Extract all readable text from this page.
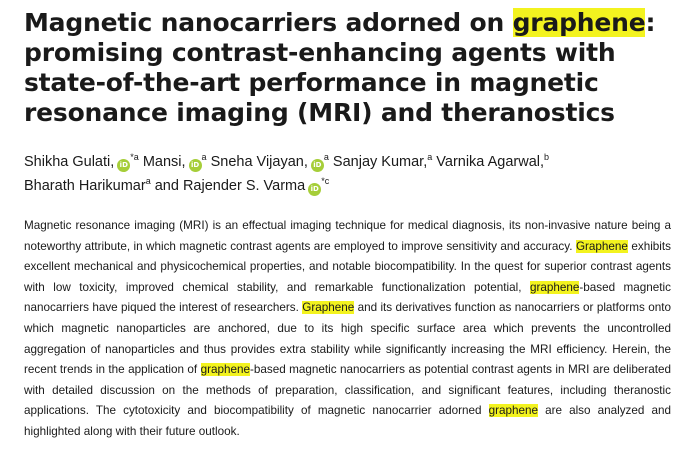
Magnetic nanocarriers adorned on graphene: promising contrast-enhancing agents with state-of-the-art performance in magnetic resonance imaging (MRI) and theranostics
Shikha Gulati, $iD^{*a}$ Mansi, $iD^a$ Sneha Vijayan, $iD^a$ Sanjay Kumar,$^a$ Varnika Agarwal,$^b$
Bharath Harikumar$^a$ and Rajender S. Varma $iD^{*c}$
Magnetic resonance imaging (MRI) is an effectual imaging technique for medical diagnosis, its non-invasive nature being a noteworthy attribute, in which magnetic contrast agents are employed to improve sensitivity and accuracy. Graphene exhibits excellent mechanical and physicochemical properties, and notable biocompatibility. In the quest for superior contrast agents with low toxicity, improved chemical stability, and remarkable functionalization potential, graphene-based magnetic nanocarriers have piqued the interest of researchers. Graphene and its derivatives function as nanocarriers or platforms onto which magnetic nanoparticles are anchored, due to its high specific surface area which prevents the uncontrolled aggregation of nanoparticles and thus provides extra stability while significantly increasing the MRI efficiency. Herein, the recent trends in the application of graphene-based magnetic nanocarriers as potential contrast agents in MRI are deliberated with detailed discussion on the methods of preparation, classification, and significant features, including theranostic applications. The cytotoxicity and biocompatibility of magnetic nanocarrier adorned graphene are also analyzed and highlighted along with their future outlook.
